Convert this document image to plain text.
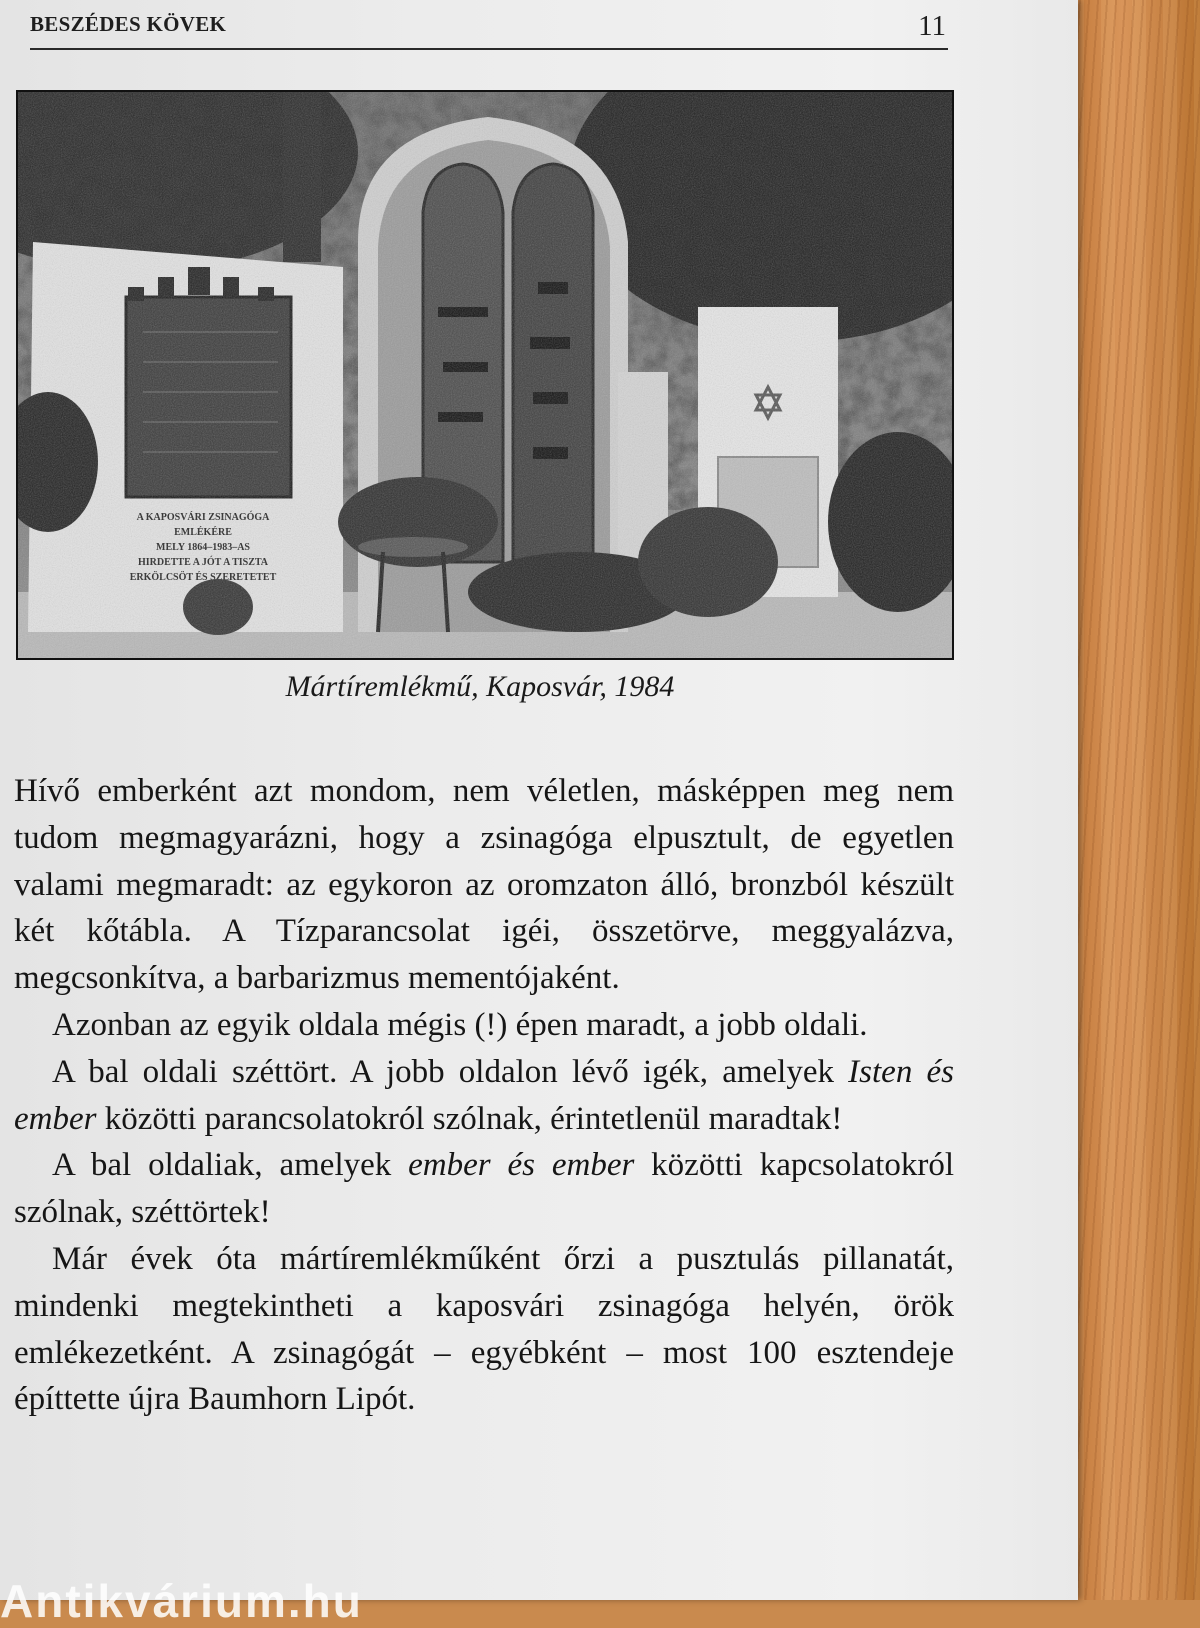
BESZÉDES KÖVEK	11
Mártíremlékmű, Kaposvár, 1984

Hívő emberként azt mondom, nem véletlen, másképpen meg nem tudom megmagyarázni, hogy a zsinagóga elpusztult, de egyetlen valami megmaradt: az egykoron az oromzaton álló, bronzból készült két kőtábla. A Tízparancsolat igéi, összetörve, meggyalázva, megcsonkítva, a barbarizmus mementójaként.

Azonban az egyik oldala mégis (!) épen maradt, a jobb oldali.

A bal oldali széttört. A jobb oldalon lévő igék, amelyek Isten és ember közötti parancsolatokról szólnak, érintetlenül maradtak!

A bal oldaliak, amelyek ember és ember közötti kapcsolatokról szólnak, széttörtek!

Már évek óta mártíremlékműként őrzi a pusztulás pillanatát, mindenki megtekintheti a kaposvári zsinagóga helyén, örök emlékezetként. A zsinagógát – egyébként – most 100 esztendeje építtette újra Baumhorn Lipót.

Antikvárium.hu
